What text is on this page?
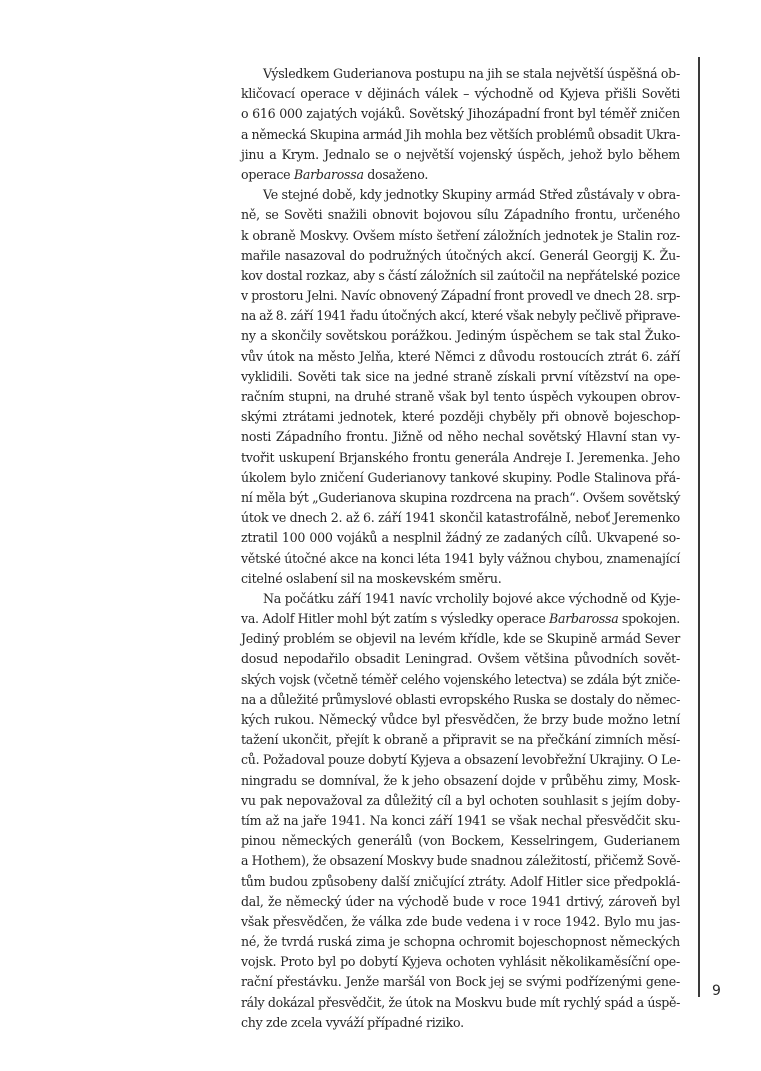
Výsledkem Guderianova postupu na jih se stala největší úspěšná ob-
kličovací operace v dějinách válek – východně od Kyjeva přišli Sověti
o 616 000 zajatých vojáků. Sovětský Jihozápadní front byl téměř zničen
a německá Skupina armád Jih mohla bez větších problémů obsadit Ukra-
jinu a Krym. Jednalo se o největší vojenský úspěch, jehož bylo během
operace Barbarossa dosaženo.
Ve stejné době, kdy jednotky Skupiny armád Střed zůstávaly v obra-
ně, se Sověti snažili obnovit bojovou sílu Západního frontu, určeného
k obraně Moskvy. Ovšem místo šetření záložních jednotek je Stalin roz-
mařile nasazoval do podružných útočných akcí. Generál Georgij K. Žu-
kov dostal rozkaz, aby s částí záložních sil zaútočil na nepřátelské pozice
v prostoru Jelni. Navíc obnovený Západní front provedl ve dnech 28. srp-
na až 8. září 1941 řadu útočných akcí, které však nebyly pečlivě připrave-
ny a skončily sovětskou porážkou. Jediným úspěchem se tak stal Žuko-
vův útok na město Jelňa, které Němci z důvodu rostoucích ztrát 6. září
vyklidili. Sověti tak sice na jedné straně získali první vítězství na ope-
račním stupni, na druhé straně však byl tento úspěch vykoupen obrov-
skými ztrátami jednotek, které později chyběly při obnově bojeschop-
nosti Západního frontu. Jižně od něho nechal sovětský Hlavní stan vy-
tvořit uskupení Brjanského frontu generála Andreje I. Jeremenka. Jeho
úkolem bylo zničení Guderianovy tankové skupiny. Podle Stalinova přá-
ní měla být „Guderianova skupina rozdrcena na prach“. Ovšem sovětský
útok ve dnech 2. až 6. září 1941 skončil katastrofálně, neboť Jeremenko
ztratil 100 000 vojáků a nesplnil žádný ze zadaných cílů. Ukvapené so-
větské útočné akce na konci léta 1941 byly vážnou chybou, znamenající
citelné oslabení sil na moskevském směru.
Na počátku září 1941 navíc vrcholily bojové akce východně od Kyje-
va. Adolf Hitler mohl být zatím s výsledky operace Barbarossa spokojen.
Jediný problém se objevil na levém křídle, kde se Skupině armád Sever
dosud nepodařilo obsadit Leningrad. Ovšem většina původních sovět-
ských vojsk (včetně téměř celého vojenského letectva) se zdála být zniče-
na a důležité průmyslové oblasti evropského Ruska se dostaly do němec-
kých rukou. Německý vůdce byl přesvědčen, že brzy bude možno letní
tažení ukončit, přejít k obraně a připravit se na přečkání zimních měsí-
ců. Požadoval pouze dobytí Kyjeva a obsazení levobřežní Ukrajiny. O Le-
ningradu se domníval, že k jeho obsazení dojde v průběhu zimy, Mosk-
vu pak nepovažoval za důležitý cíl a byl ochoten souhlasit s jejím doby-
tím až na jaře 1941. Na konci září 1941 se však nechal přesvědčit sku-
pinou německých generálů (von Bockem, Kesselringem, Guderianem
a Hothem), že obsazení Moskvy bude snadnou záležitostí, přičemž Sově-
tům budou způsobeny další zničující ztráty. Adolf Hitler sice předpoklá-
dal, že německý úder na východě bude v roce 1941 drtivý, zároveň byl
však přesvědčen, že válka zde bude vedena i v roce 1942. Bylo mu jas-
né, že tvrdá ruská zima je schopna ochromit bojeschopnost německých
vojsk. Proto byl po dobytí Kyjeva ochoten vyhlásit několikaměsíční ope-
rační přestávku. Jenže maršál von Bock jej se svými podřízenými gene-
rály dokázal přesvědčit, že útok na Moskvu bude mít rychlý spád a úspě-
chy zde zcela vyváží případné riziko.
9
